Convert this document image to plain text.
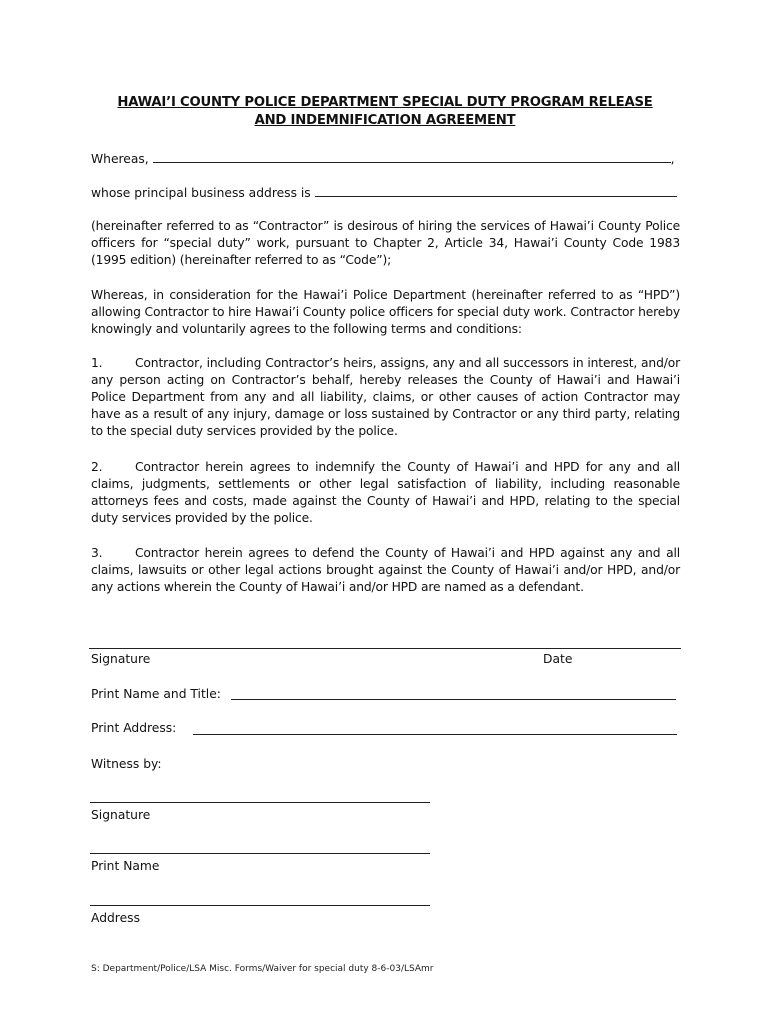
HAWAI’I COUNTY POLICE DEPARTMENT SPECIAL DUTY PROGRAM RELEASE
AND INDEMNIFICATION AGREEMENT
Whereas,	,
whose principal business address is
(hereinafter referred to as “Contractor” is desirous of hiring the services of Hawai’i County Police officers for “special duty” work, pursuant to Chapter 2, Article 34, Hawai’i County Code 1983 (1995 edition) (hereinafter referred to as “Code”);
Whereas, in consideration for the Hawai’i Police Department (hereinafter referred to as “HPD”) allowing Contractor to hire Hawai’i County police officers for special duty work. Contractor hereby knowingly and voluntarily agrees to the following terms and conditions:
1.	Contractor, including Contractor’s heirs, assigns, any and all successors in interest, and/or any person acting on Contractor’s behalf, hereby releases the County of Hawai’i and Hawai’i Police Department from any and all liability, claims, or other causes of action Contractor may have as a result of any injury, damage or loss sustained by Contractor or any third party, relating to the special duty services provided by the police.
2.	Contractor herein agrees to indemnify the County of Hawai’i and HPD for any and all claims, judgments, settlements or other legal satisfaction of liability, including reasonable attorneys fees and costs, made against the County of Hawai’i and HPD, relating to the special duty services provided by the police.
3.	Contractor herein agrees to defend the County of Hawai’i and HPD against any and all claims, lawsuits or other legal actions brought against the County of Hawai’i and/or HPD, and/or any actions wherein the County of Hawai’i and/or HPD are named as a defendant.
Signature	Date
Print Name and Title:
Print Address:
Witness by:
Signature
Print Name
Address
S: Department/Police/LSA Misc. Forms/Waiver for special duty 8-6-03/LSAmr
